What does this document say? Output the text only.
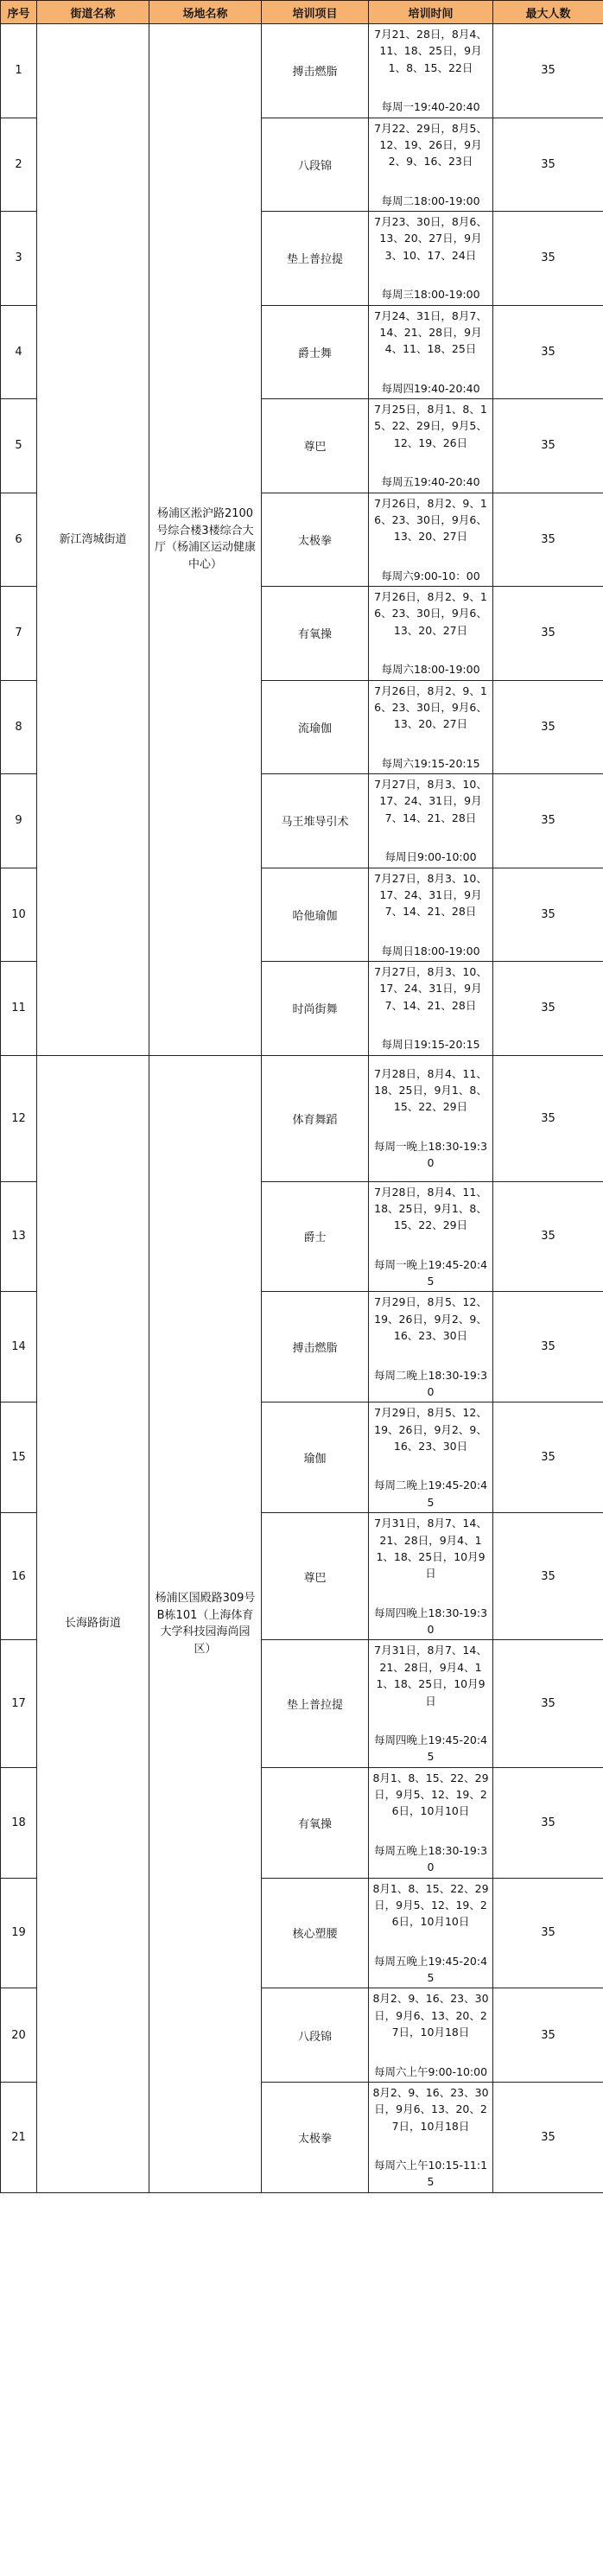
序号	街道名称	场地名称	培训项目	培训时间	最大人数
1	新江湾城街道	杨浦区淞沪路2100号综合楼3楼综合大厅（杨浦区运动健康中心）	搏击燃脂	7月21、28日，8月4、11、18、25日，9月1、8、15、22日
每周一19:40-20:40	35
2			八段锦	7月22、29日，8月5、12、19、26日，9月2、9、16、23日
每周二18:00-19:00	35
3			垫上普拉提	7月23、30日，8月6、13、20、27日，9月3、10、17、24日
每周三18:00-19:00	35
4			爵士舞	7月24、31日，8月7、14、21、28日，9月4、11、18、25日
每周四19:40-20:40	35
5			尊巴	7月25日，8月1、8、15、22、29日，9月5、12、19、26日
每周五19:40-20:40	35
6			太极拳	7月26日，8月2、9、16、23、30日，9月6、13、20、27日
每周六9:00-10：00	35
7			有氧操	7月26日，8月2、9、16、23、30日，9月6、13、20、27日
每周六18:00-19:00	35
8			流瑜伽	7月26日，8月2、9、16、23、30日，9月6、13、20、27日
每周六19:15-20:15	35
9			马王堆导引术	7月27日，8月3、10、17、24、31日，9月7、14、21、28日
每周日9:00-10:00	35
10			哈他瑜伽	7月27日，8月3、10、17、24、31日，9月7、14、21、28日
每周日18:00-19:00	35
11			时尚街舞	7月27日，8月3、10、17、24、31日，9月7、14、21、28日
每周日19:15-20:15	35
12	长海路街道	杨浦区国殿路309号B栋101（上海体育大学科技园海尚园区）	体育舞蹈	7月28日，8月4、11、18、25日，9月1、8、15、22、29日
每周一晚上18:30-19:30	35
13			爵士	7月28日，8月4、11、18、25日，9月1、8、15、22、29日
每周一晚上19:45-20:45	35
14			搏击燃脂	7月29日，8月5、12、19、26日，9月2、9、16、23、30日
每周二晚上18:30-19:30	35
15			瑜伽	7月29日，8月5、12、19、26日，9月2、9、16、23、30日
每周二晚上19:45-20:45	35
16			尊巴	7月31日，8月7、14、21、28日，9月4、11、18、25日，10月9日
每周四晚上18:30-19:30	35
17			垫上普拉提	7月31日，8月7、14、21、28日，9月4、11、18、25日，10月9日
每周四晚上19:45-20:45	35
18			有氧操	8月1、8、15、22、29日，9月5、12、19、26日，10月10日
每周五晚上18:30-19:30	35
19			核心塑腰	8月1、8、15、22、29日，9月5、12、19、26日，10月10日
每周五晚上19:45-20:45	35
20			八段锦	8月2、9、16、23、30日，9月6、13、20、27日，10月18日
每周六上午9:00-10:00	35
21			太极拳	8月2、9、16、23、30日，9月6、13、20、27日，10月18日
每周六上午10:15-11:15	35
